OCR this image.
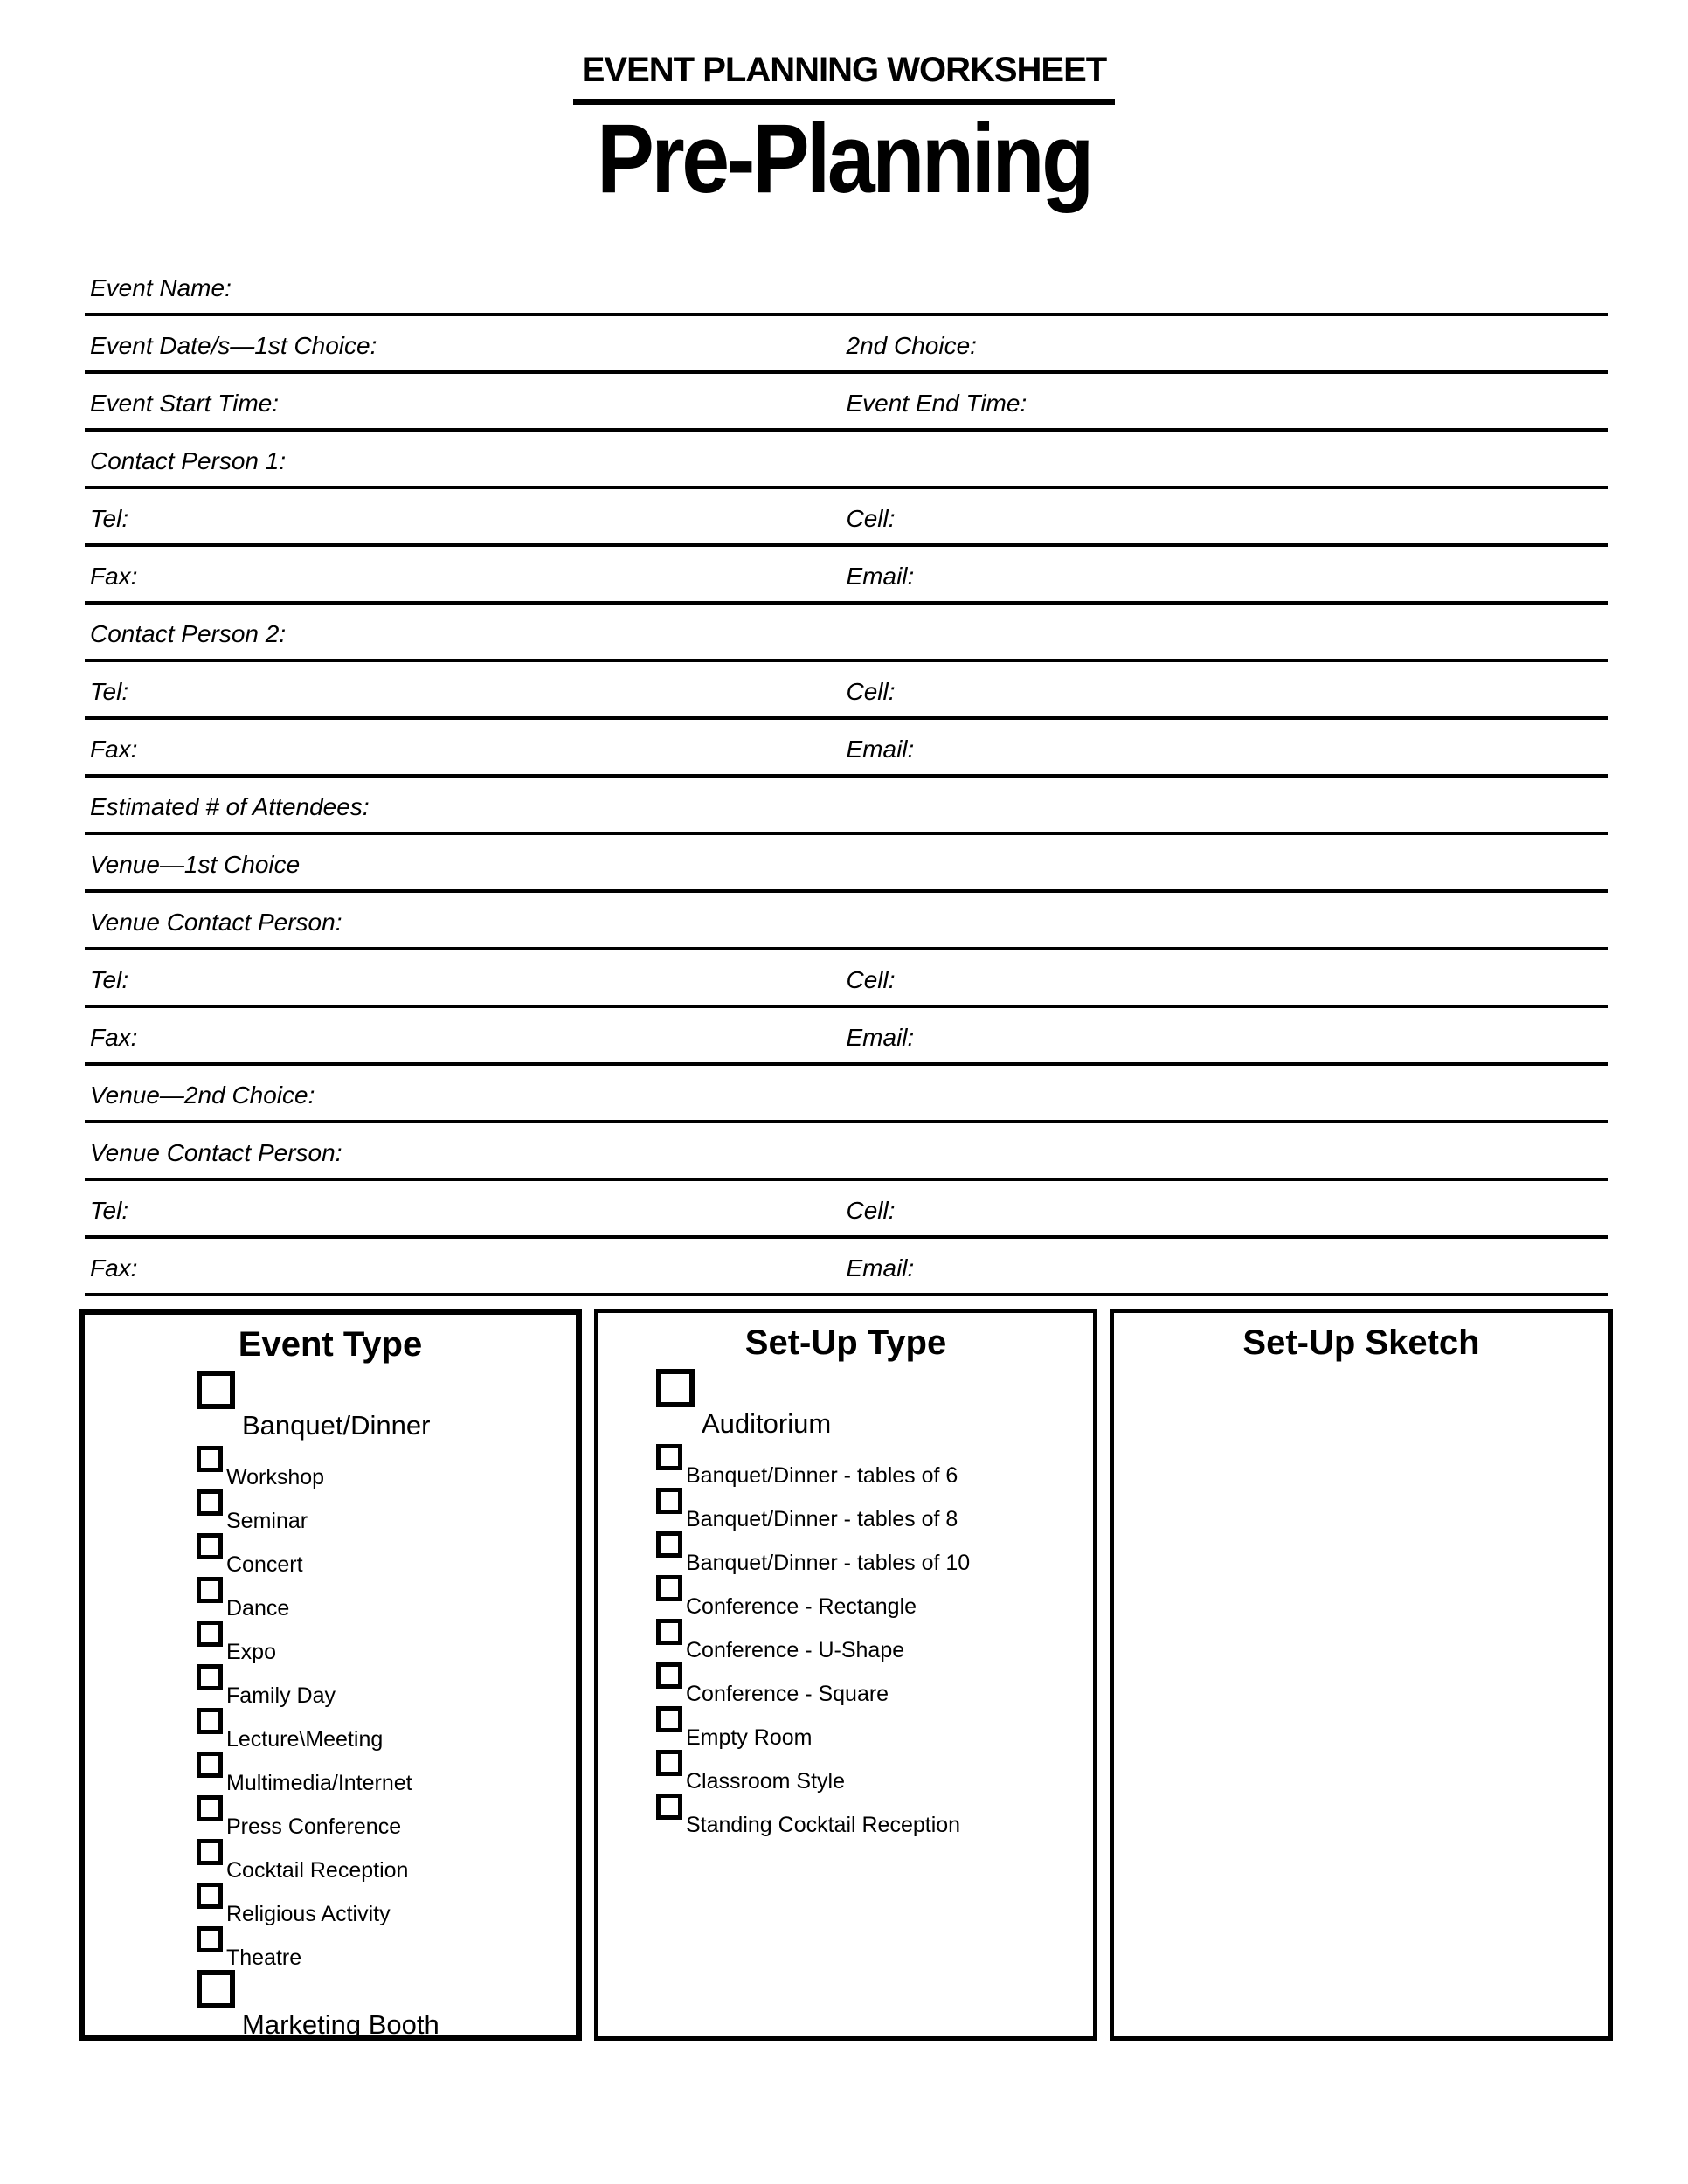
EVENT PLANNING WORKSHEET
Pre-Planning
Event Name:
Event Date/s—1st Choice:	2nd Choice:
Event Start Time:	Event End Time:
Contact Person 1:
Tel:	Cell:
Fax:	Email:
Contact Person 2:
Tel:	Cell:
Fax:	Email:
Estimated # of Attendees:
Venue—1st Choice
Venue Contact Person:
Tel:	Cell:
Fax:	Email:
Venue—2nd Choice:
Venue Contact Person:
Tel:	Cell:
Fax:	Email:
Event Type
Banquet/Dinner
Workshop
Seminar
Concert
Dance
Expo
Family Day
Lecture\Meeting
Multimedia/Internet
Press Conference
Cocktail Reception
Religious Activity
Theatre
Marketing Booth
Set-Up Type
Auditorium
Banquet/Dinner - tables of 6
Banquet/Dinner - tables of 8
Banquet/Dinner - tables of 10
Conference - Rectangle
Conference - U-Shape
Conference - Square
Empty Room
Classroom Style
Standing Cocktail Reception
Set-Up Sketch
